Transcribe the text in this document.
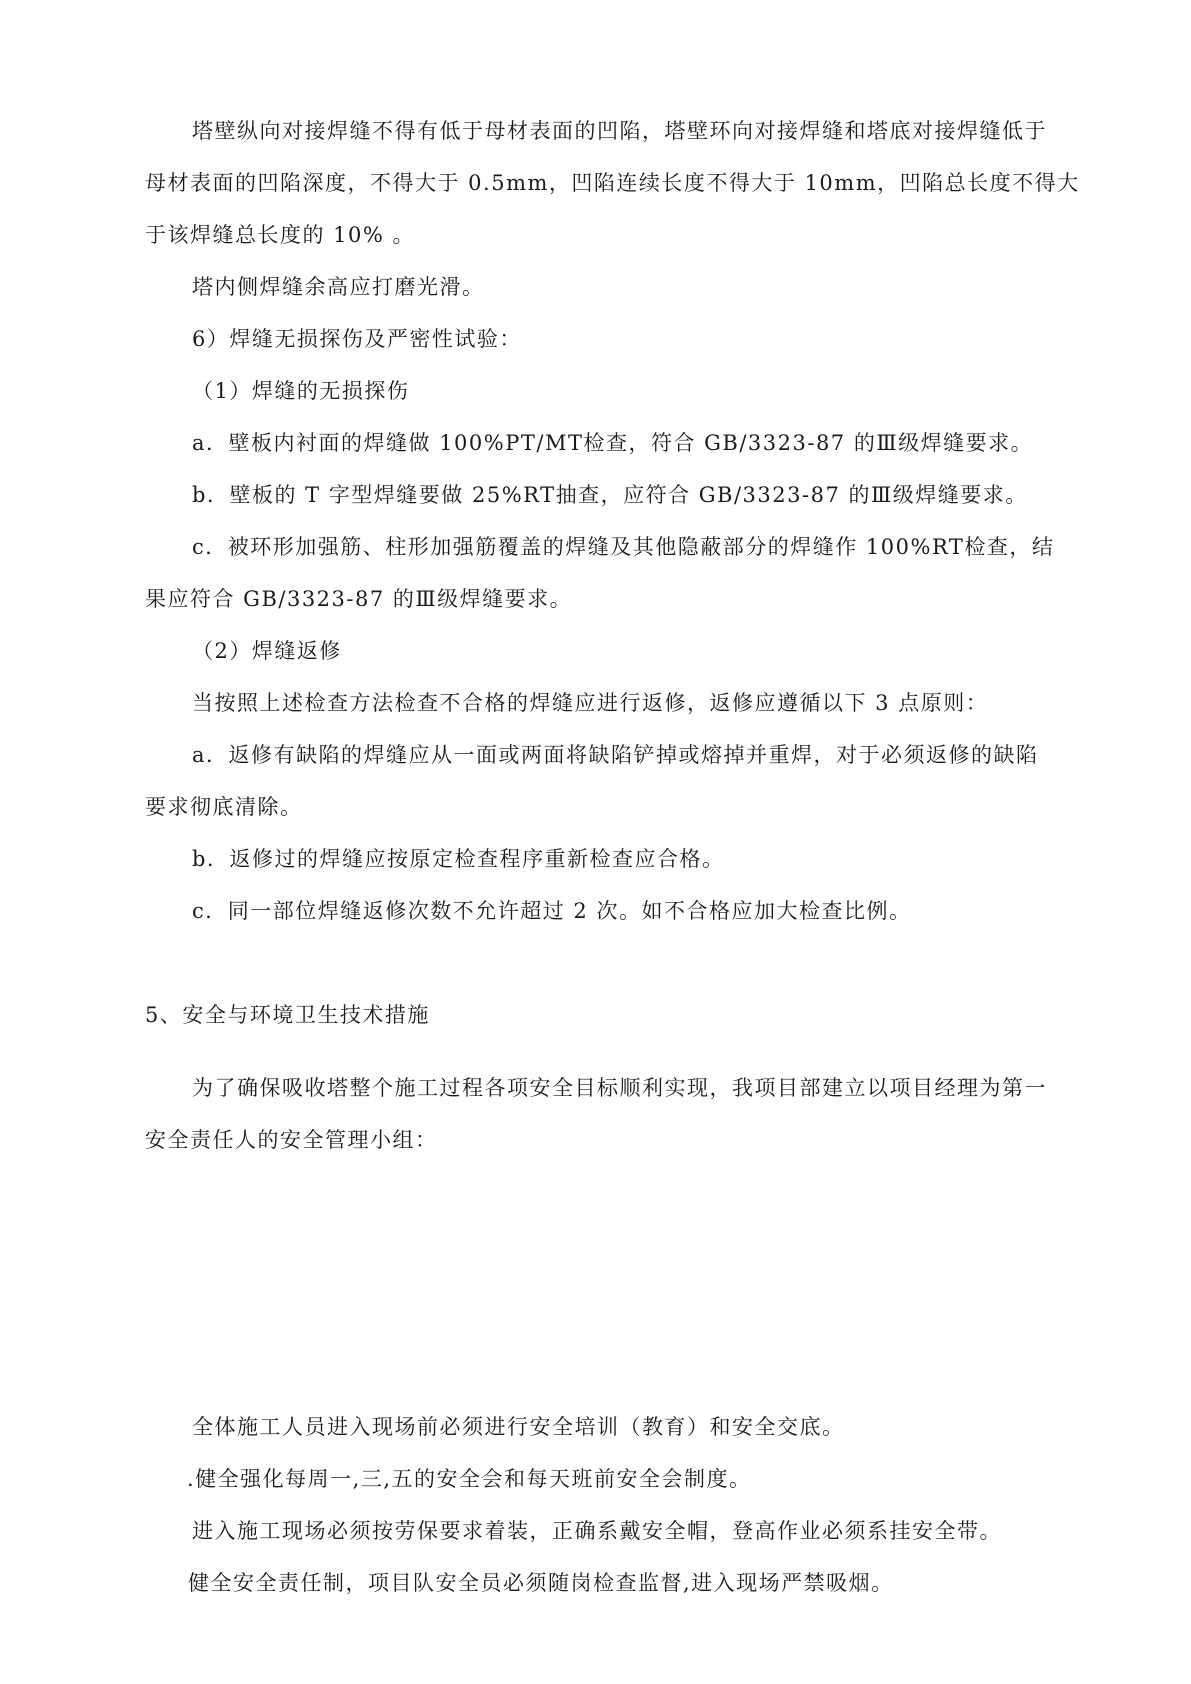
塔壁纵向对接焊缝不得有低于母材表面的凹陷，塔壁环向对接焊缝和塔底对接焊缝低于

母材表面的凹陷深度，不得大于 0.5mm，凹陷连续长度不得大于 10mm，凹陷总长度不得大

于该焊缝总长度的 10% 。

塔内侧焊缝余高应打磨光滑。

6）焊缝无损探伤及严密性试验：

（1）焊缝的无损探伤

a．壁板内衬面的焊缝做 100%PT/MT检查，符合 GB/3323-87 的Ⅲ级焊缝要求。

b．壁板的 T 字型焊缝要做 25%RT抽查，应符合 GB/3323-87 的Ⅲ级焊缝要求。

c．被环形加强筋、柱形加强筋覆盖的焊缝及其他隐蔽部分的焊缝作 100%RT检查，结

果应符合 GB/3323-87 的Ⅲ级焊缝要求。

（2）焊缝返修

当按照上述检查方法检查不合格的焊缝应进行返修，返修应遵循以下 3 点原则：

a．返修有缺陷的焊缝应从一面或两面将缺陷铲掉或熔掉并重焊，对于必须返修的缺陷

要求彻底清除。

b．返修过的焊缝应按原定检查程序重新检查应合格。

c．同一部位焊缝返修次数不允许超过 2 次。如不合格应加大检查比例。

5、安全与环境卫生技术措施

为了确保吸收塔整个施工过程各项安全目标顺利实现，我项目部建立以项目经理为第一

安全责任人的安全管理小组：

全体施工人员进入现场前必须进行安全培训（教育）和安全交底。

.健全强化每周一,三,五的安全会和每天班前安全会制度。

进入施工现场必须按劳保要求着装，正确系戴安全帽，登高作业必须系挂安全带。

健全安全责任制，项目队安全员必须随岗检查监督,进入现场严禁吸烟。
